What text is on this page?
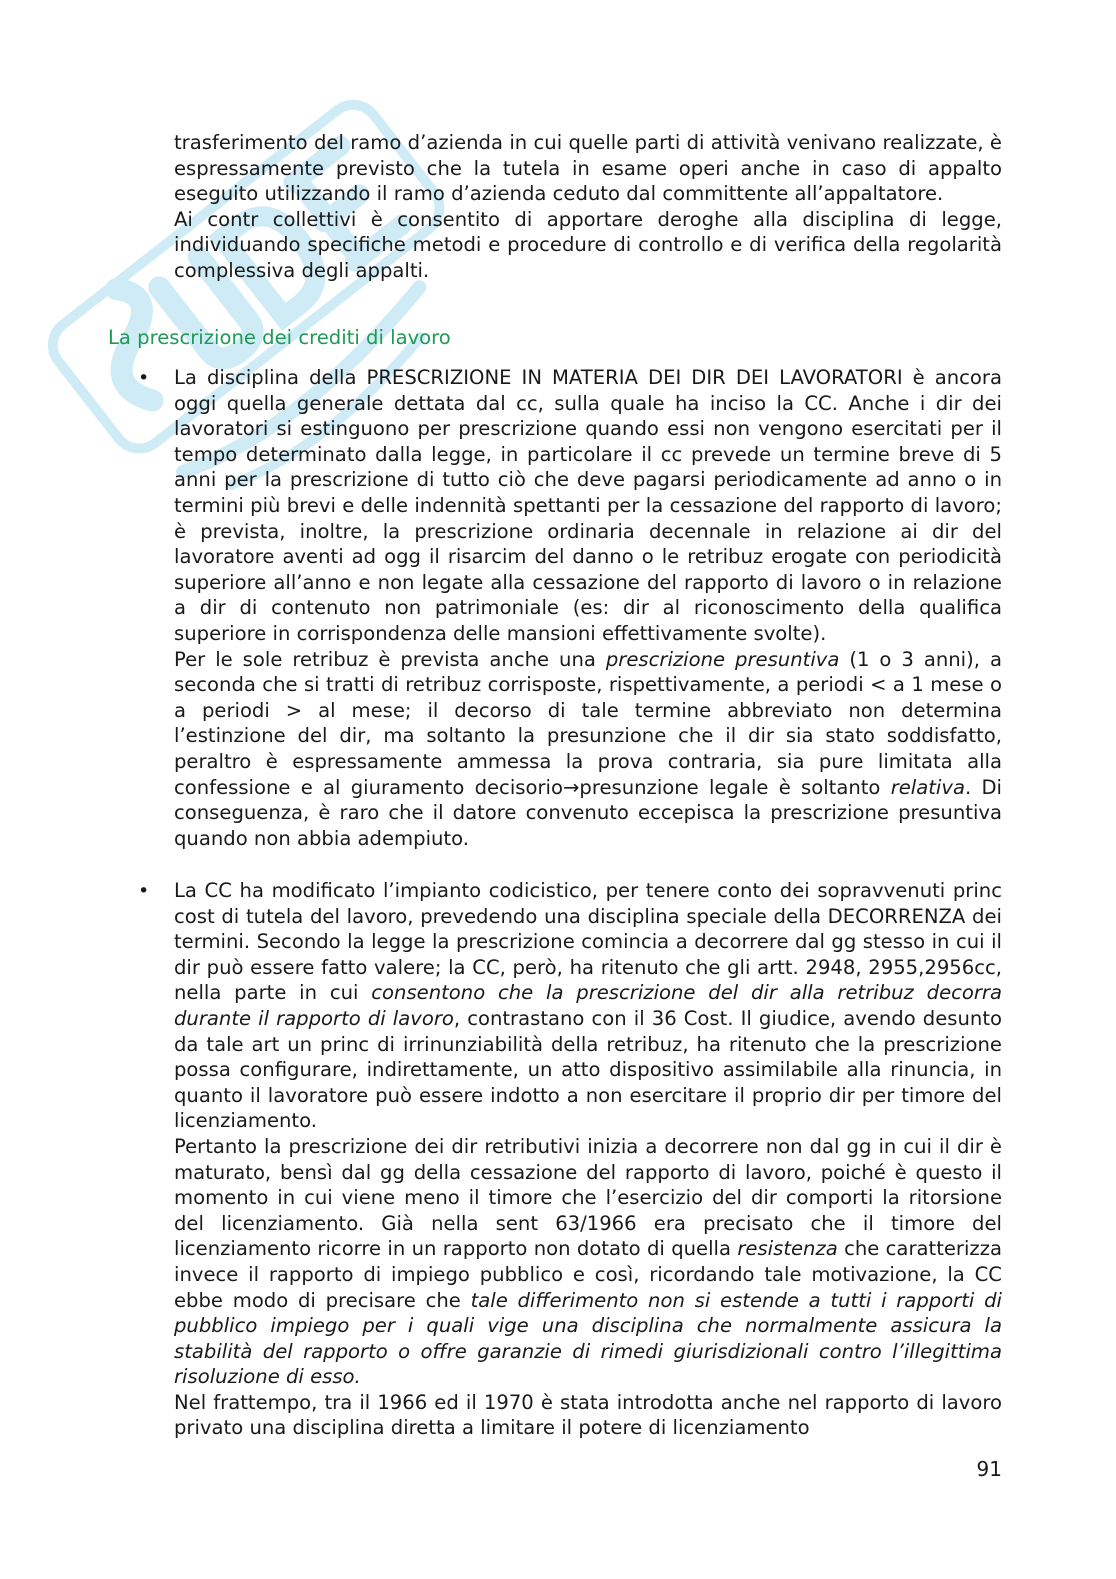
trasferimento del ramo d’azienda in cui quelle parti di attività venivano realizzate, è espressamente previsto che la tutela in esame operi anche in caso di appalto eseguito utilizzando il ramo d’azienda ceduto dal committente all’appaltatore.

Ai contr collettivi è consentito di apportare deroghe alla disciplina di legge, individuando specifiche metodi e procedure di controllo e di verifica della regolarità complessiva degli appalti.

La prescrizione dei crediti di lavoro
• La disciplina della PRESCRIZIONE IN MATERIA DEI DIR DEI LAVORATORI è ancora oggi quella generale dettata dal cc, sulla quale ha inciso la CC. Anche i dir dei lavoratori si estinguono per prescrizione quando essi non vengono esercitati per il tempo determinato dalla legge, in particolare il cc prevede un termine breve di 5 anni per la prescrizione di tutto ciò che deve pagarsi periodicamente ad anno o in termini più brevi e delle indennità spettanti per la cessazione del rapporto di lavoro; è prevista, inoltre, la prescrizione ordinaria decennale in relazione ai dir del lavoratore aventi ad ogg il risarcim del danno o le retribuz erogate con periodicità superiore all’anno e non legate alla cessazione del rapporto di lavoro o in relazione a dir di contenuto non patrimoniale (es: dir al riconoscimento della qualifica superiore in corrispondenza delle mansioni effettivamente svolte).

Per le sole retribuz è prevista anche una prescrizione presuntiva (1 o 3 anni), a seconda che si tratti di retribuz corrisposte, rispettivamente, a periodi < a 1 mese o a periodi > al mese; il decorso di tale termine abbreviato non determina l’estinzione del dir, ma soltanto la presunzione che il dir sia stato soddisfatto, peraltro è espressamente ammessa la prova contraria, sia pure limitata alla confessione e al giuramento decisorio→presunzione legale è soltanto relativa. Di conseguenza, è raro che il datore convenuto eccepisca la prescrizione presuntiva quando non abbia adempiuto.

• La CC ha modificato l’impianto codicistico, per tenere conto dei sopravvenuti princ cost di tutela del lavoro, prevedendo una disciplina speciale della DECORRENZA dei termini. Secondo la legge la prescrizione comincia a decorrere dal gg stesso in cui il dir può essere fatto valere; la CC, però, ha ritenuto che gli artt. 2948, 2955,2956cc, nella parte in cui consentono che la prescrizione del dir alla retribuz decorra durante il rapporto di lavoro, contrastano con il 36 Cost. Il giudice, avendo desunto da tale art un princ di irrinunziabilità della retribuz, ha ritenuto che la prescrizione possa configurare, indirettamente, un atto dispositivo assimilabile alla rinuncia, in quanto il lavoratore può essere indotto a non esercitare il proprio dir per timore del licenziamento.

Pertanto la prescrizione dei dir retributivi inizia a decorrere non dal gg in cui il dir è maturato, bensì dal gg della cessazione del rapporto di lavoro, poiché è questo il momento in cui viene meno il timore che l’esercizio del dir comporti la ritorsione del licenziamento. Già nella sent 63/1966 era precisato che il timore del licenziamento ricorre in un rapporto non dotato di quella resistenza che caratterizza invece il rapporto di impiego pubblico e così, ricordando tale motivazione, la CC ebbe modo di precisare che tale differimento non si estende a tutti i rapporti di pubblico impiego per i quali vige una disciplina che normalmente assicura la stabilità del rapporto o offre garanzie di rimedi giurisdizionali contro l’illegittima risoluzione di esso.

Nel frattempo, tra il 1966 ed il 1970 è stata introdotta anche nel rapporto di lavoro privato una disciplina diretta a limitare il potere di licenziamento

91
